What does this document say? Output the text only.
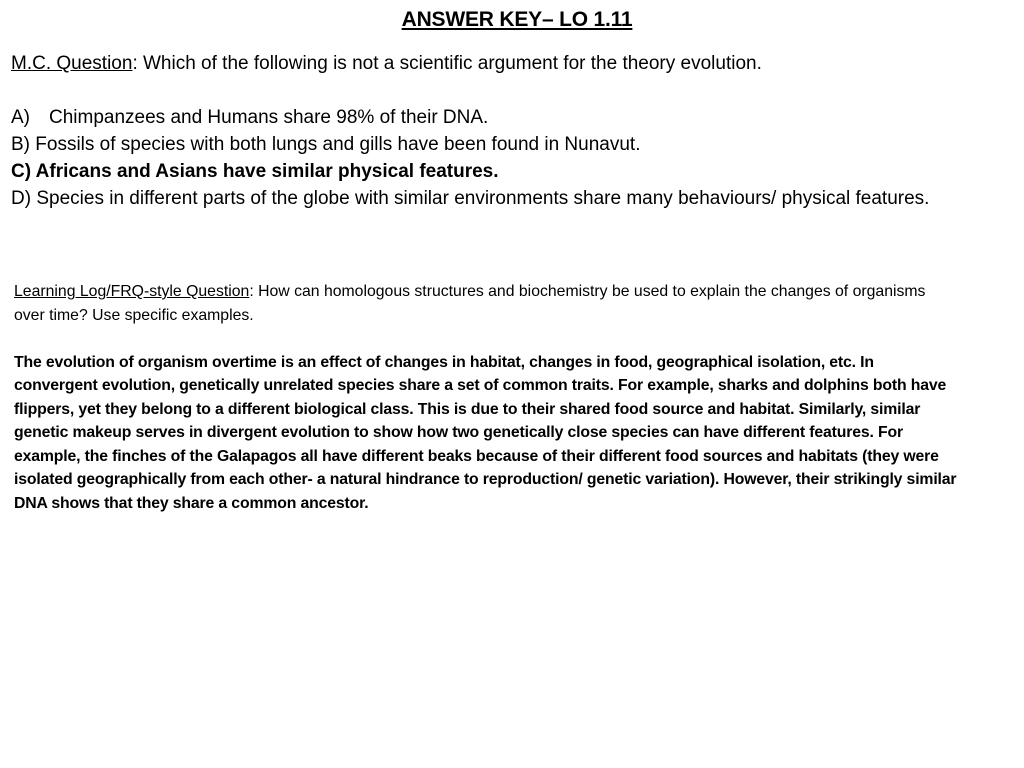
ANSWER KEY– LO 1.11

M.C. Question: Which of the following is not a scientific argument for the theory evolution.

A) Chimpanzees and Humans share 98% of their DNA.

B) Fossils of species with both lungs and gills have been found in Nunavut.

C) Africans and Asians have similar physical features.

D) Species in different parts of the globe with similar environments share many behaviours/ physical features.

Learning Log/FRQ-style Question: How can homologous structures and biochemistry be used to explain the changes of organisms over time? Use specific examples.

The evolution of organism overtime is an effect of changes in habitat, changes in food, geographical isolation, etc. In convergent evolution, genetically unrelated species share a set of common traits. For example, sharks and dolphins both have flippers, yet they belong to a different biological class. This is due to their shared food source and habitat. Similarly, similar genetic makeup serves in divergent evolution to show how two genetically close species can have different features. For example, the finches of the Galapagos all have different beaks because of their different food sources and habitats (they were isolated geographically from each other- a natural hindrance to reproduction/ genetic variation). However, their strikingly similar DNA shows that they share a common ancestor.
